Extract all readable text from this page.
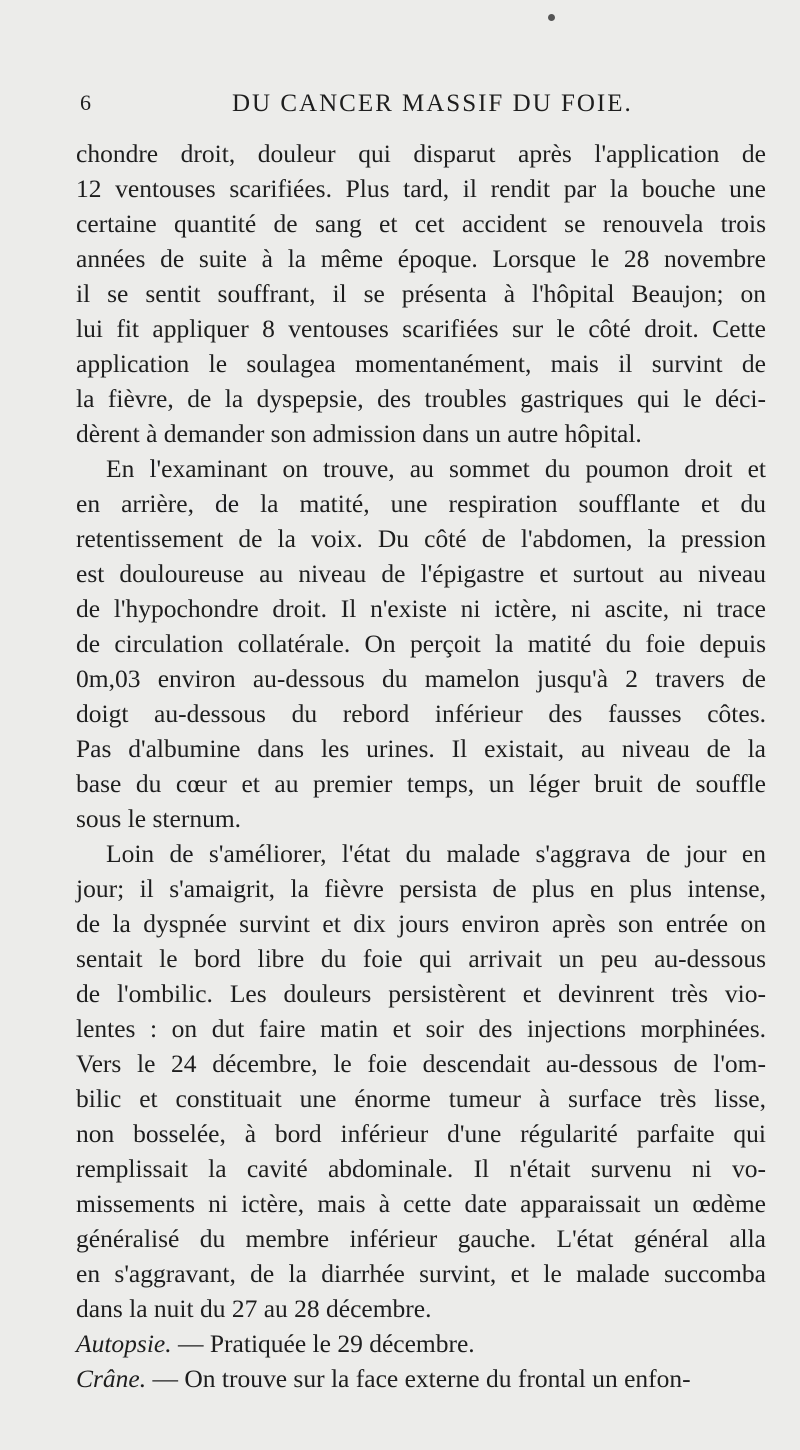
6	DU CANCER MASSIF DU FOIE.
chondre droit, douleur qui disparut après l'application de
12 ventouses scarifiées. Plus tard, il rendit par la bouche une
certaine quantité de sang et cet accident se renouvela trois
années de suite à la même époque. Lorsque le 28 novembre
il se sentit souffrant, il se présenta à l'hôpital Beaujon; on
lui fit appliquer 8 ventouses scarifiées sur le côté droit. Cette
application le soulagea momentanément, mais il survint de
la fièvre, de la dyspepsie, des troubles gastriques qui le déci-
dèrent à demander son admission dans un autre hôpital.
En l'examinant on trouve, au sommet du poumon droit et
en arrière, de la matité, une respiration soufflante et du
retentissement de la voix. Du côté de l'abdomen, la pression
est douloureuse au niveau de l'épigastre et surtout au niveau
de l'hypochondre droit. Il n'existe ni ictère, ni ascite, ni trace
de circulation collatérale. On perçoit la matité du foie depuis
0m,03 environ au-dessous du mamelon jusqu'à 2 travers de
doigt au-dessous du rebord inférieur des fausses côtes.
Pas d'albumine dans les urines. Il existait, au niveau de la
base du cœur et au premier temps, un léger bruit de souffle
sous le sternum.
Loin de s'améliorer, l'état du malade s'aggrava de jour en
jour; il s'amaigrit, la fièvre persista de plus en plus intense,
de la dyspnée survint et dix jours environ après son entrée on
sentait le bord libre du foie qui arrivait un peu au-dessous
de l'ombilic. Les douleurs persistèrent et devinrent très vio-
lentes : on dut faire matin et soir des injections morphinées.
Vers le 24 décembre, le foie descendait au-dessous de l'om-
bilic et constituait une énorme tumeur à surface très lisse,
non bosselée, à bord inférieur d'une régularité parfaite qui
remplissait la cavité abdominale. Il n'était survenu ni vo-
missements ni ictère, mais à cette date apparaissait un œdème
généralisé du membre inférieur gauche. L'état général alla
en s'aggravant, de la diarrhée survint, et le malade succomba
dans la nuit du 27 au 28 décembre.
Autopsie. — Pratiquée le 29 décembre.
Crâne. — On trouve sur la face externe du frontal un enfon-
